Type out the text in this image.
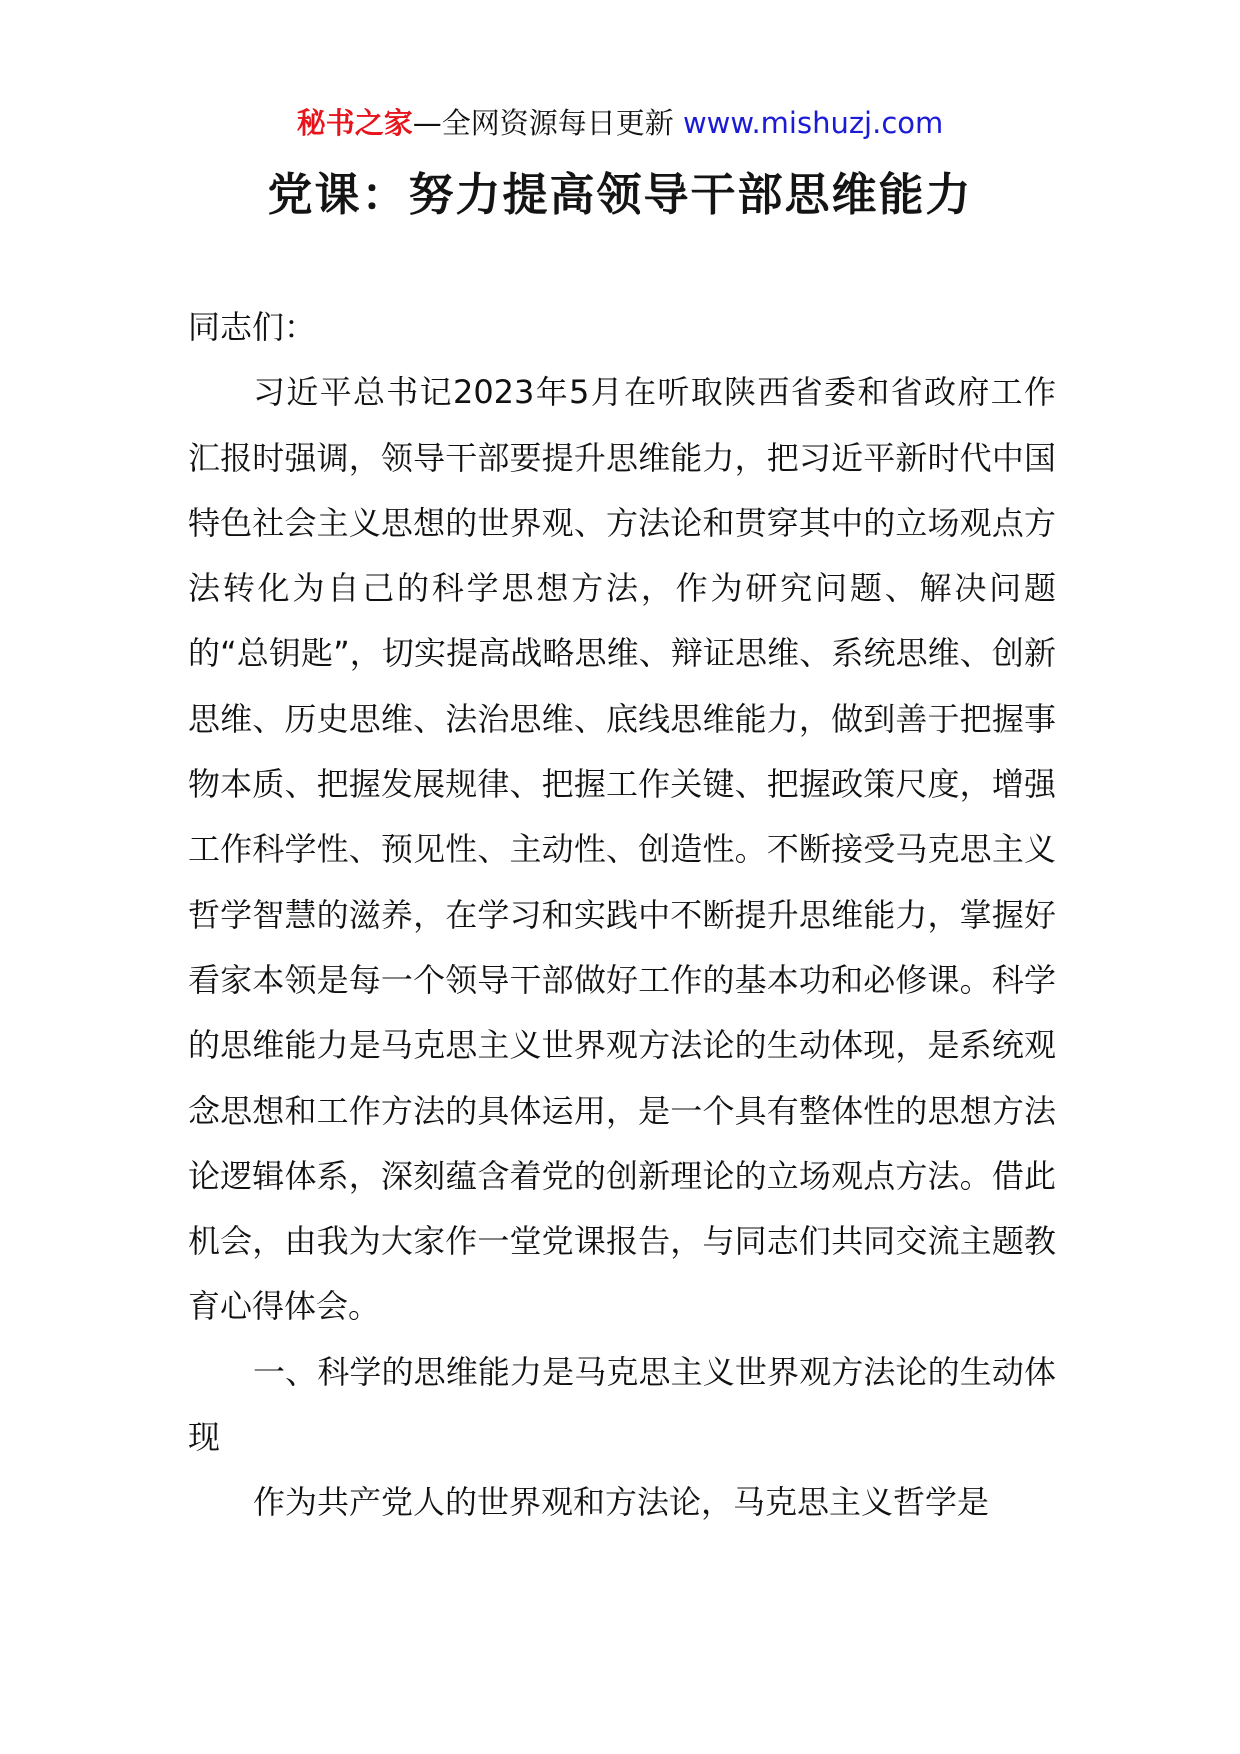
秘书之家—全网资源每日更新 www.mishuzj.com
党课：努力提高领导干部思维能力

同志们：

习近平总书记2023年5月在听取陕西省委和省政府工作汇报时强调，领导干部要提升思维能力，把习近平新时代中国特色社会主义思想的世界观、方法论和贯穿其中的立场观点方法转化为自己的科学思想方法，作为研究问题、解决问题的“总钥匙”，切实提高战略思维、辩证思维、系统思维、创新思维、历史思维、法治思维、底线思维能力，做到善于把握事物本质、把握发展规律、把握工作关键、把握政策尺度，增强工作科学性、预见性、主动性、创造性。不断接受马克思主义哲学智慧的滋养，在学习和实践中不断提升思维能力，掌握好看家本领是每一个领导干部做好工作的基本功和必修课。科学的思维能力是马克思主义世界观方法论的生动体现，是系统观念思想和工作方法的具体运用，是一个具有整体性的思想方法论逻辑体系，深刻蕴含着党的创新理论的立场观点方法。借此机会，由我为大家作一堂党课报告，与同志们共同交流主题教育心得体会。

一、科学的思维能力是马克思主义世界观方法论的生动体现

作为共产党人的世界观和方法论，马克思主义哲学是
